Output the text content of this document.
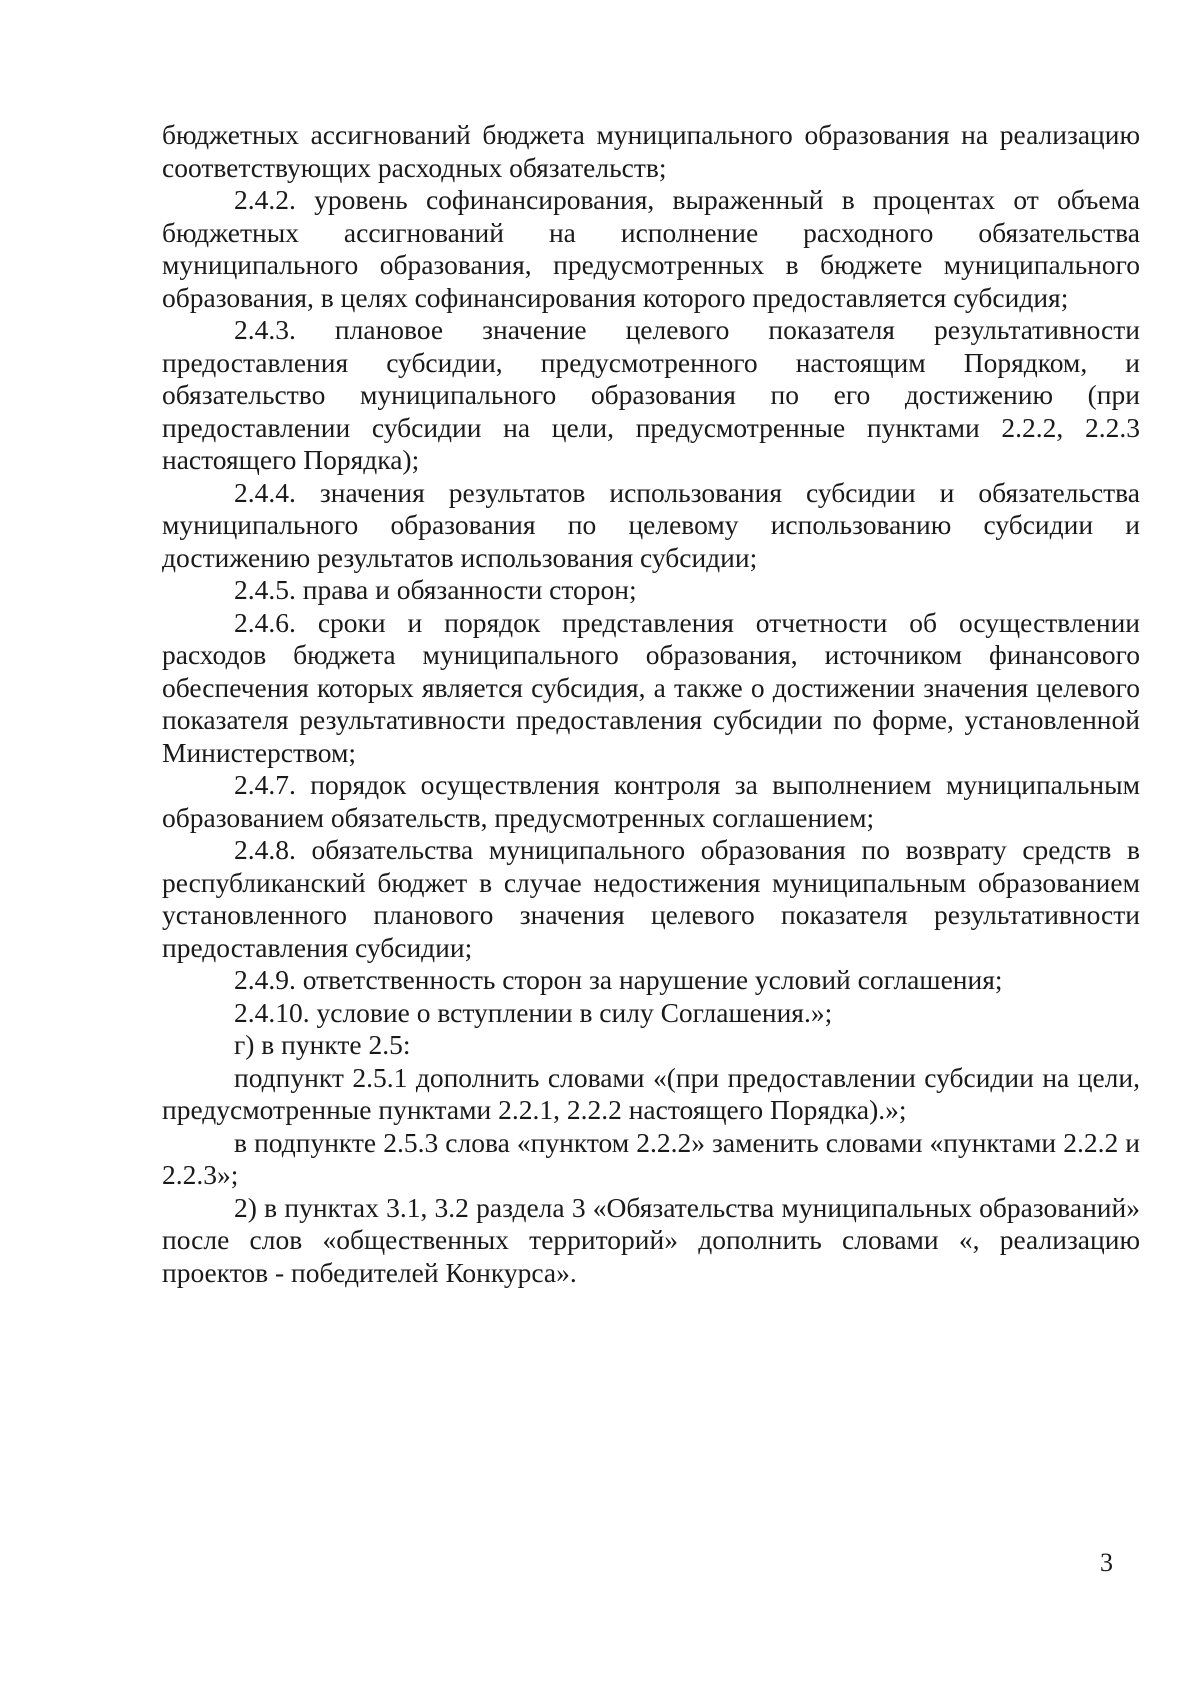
бюджетных ассигнований бюджета муниципального образования на реализацию соответствующих расходных обязательств;

2.4.2. уровень софинансирования, выраженный в процентах от объема бюджетных ассигнований на исполнение расходного обязательства муниципального образования, предусмотренных в бюджете муниципального образования, в целях софинансирования которого предоставляется субсидия;

2.4.3. плановое значение целевого показателя результативности предоставления субсидии, предусмотренного настоящим Порядком, и обязательство муниципального образования по его достижению (при предоставлении субсидии на цели, предусмотренные пунктами 2.2.2, 2.2.3 настоящего Порядка);

2.4.4. значения результатов использования субсидии и обязательства муниципального образования по целевому использованию субсидии и достижению результатов использования субсидии;

2.4.5. права и обязанности сторон;

2.4.6. сроки и порядок представления отчетности об осуществлении расходов бюджета муниципального образования, источником финансового обеспечения которых является субсидия, а также о достижении значения целевого показателя результативности предоставления субсидии по форме, установленной Министерством;

2.4.7. порядок осуществления контроля за выполнением муниципальным образованием обязательств, предусмотренных соглашением;

2.4.8. обязательства муниципального образования по возврату средств в республиканский бюджет в случае недостижения муниципальным образованием установленного планового значения целевого показателя результативности предоставления субсидии;

2.4.9. ответственность сторон за нарушение условий соглашения;

2.4.10. условие о вступлении в силу Соглашения.»;

г) в пункте 2.5:

подпункт 2.5.1 дополнить словами «(при предоставлении субсидии на цели, предусмотренные пунктами 2.2.1, 2.2.2 настоящего Порядка).»;

в подпункте 2.5.3 слова «пунктом 2.2.2» заменить словами «пунктами 2.2.2 и 2.2.3»;

2) в пунктах 3.1, 3.2 раздела 3 «Обязательства муниципальных образований» после слов «общественных территорий» дополнить словами «, реализацию проектов - победителей Конкурса».

3
